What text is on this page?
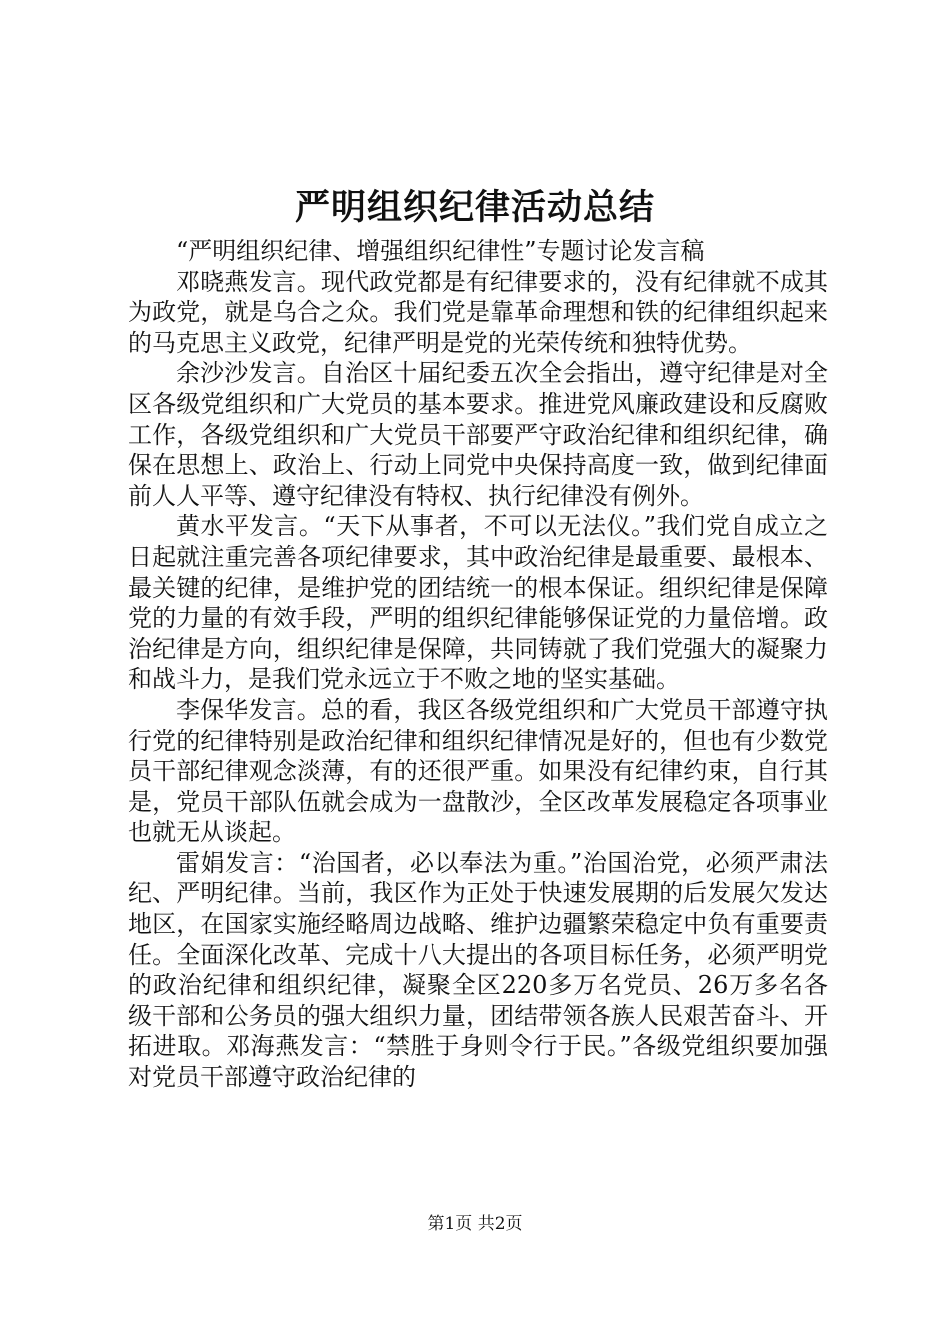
严明组织纪律活动总结

“严明组织纪律、增强组织纪律性”专题讨论发言稿

邓晓燕发言。现代政党都是有纪律要求的，没有纪律就不成其为政党，就是乌合之众。我们党是靠革命理想和铁的纪律组织起来的马克思主义政党，纪律严明是党的光荣传统和独特优势。

余沙沙发言。自治区十届纪委五次全会指出，遵守纪律是对全区各级党组织和广大党员的基本要求。推进党风廉政建设和反腐败工作，各级党组织和广大党员干部要严守政治纪律和组织纪律，确保在思想上、政治上、行动上同党中央保持高度一致，做到纪律面前人人平等、遵守纪律没有特权、执行纪律没有例外。

黄水平发言。“天下从事者，不可以无法仪。”我们党自成立之日起就注重完善各项纪律要求，其中政治纪律是最重要、最根本、最关键的纪律，是维护党的团结统一的根本保证。组织纪律是保障党的力量的有效手段，严明的组织纪律能够保证党的力量倍增。政治纪律是方向，组织纪律是保障，共同铸就了我们党强大的凝聚力和战斗力，是我们党永远立于不败之地的坚实基础。

李保华发言。总的看，我区各级党组织和广大党员干部遵守执行党的纪律特别是政治纪律和组织纪律情况是好的，但也有少数党员干部纪律观念淡薄，有的还很严重。如果没有纪律约束，自行其是，党员干部队伍就会成为一盘散沙，全区改革发展稳定各项事业也就无从谈起。

雷娟发言：“治国者，必以奉法为重。”治国治党，必须严肃法纪、严明纪律。当前，我区作为正处于快速发展期的后发展欠发达地区，在国家实施经略周边战略、维护边疆繁荣稳定中负有重要责任。全面深化改革、完成十八大提出的各项目标任务，必须严明党的政治纪律和组织纪律，凝聚全区220多万名党员、26万多名各级干部和公务员的强大组织力量，团结带领各族人民艰苦奋斗、开拓进取。邓海燕发言：“禁胜于身则令行于民。”各级党组织要加强对党员干部遵守政治纪律的

第1页 共2页
